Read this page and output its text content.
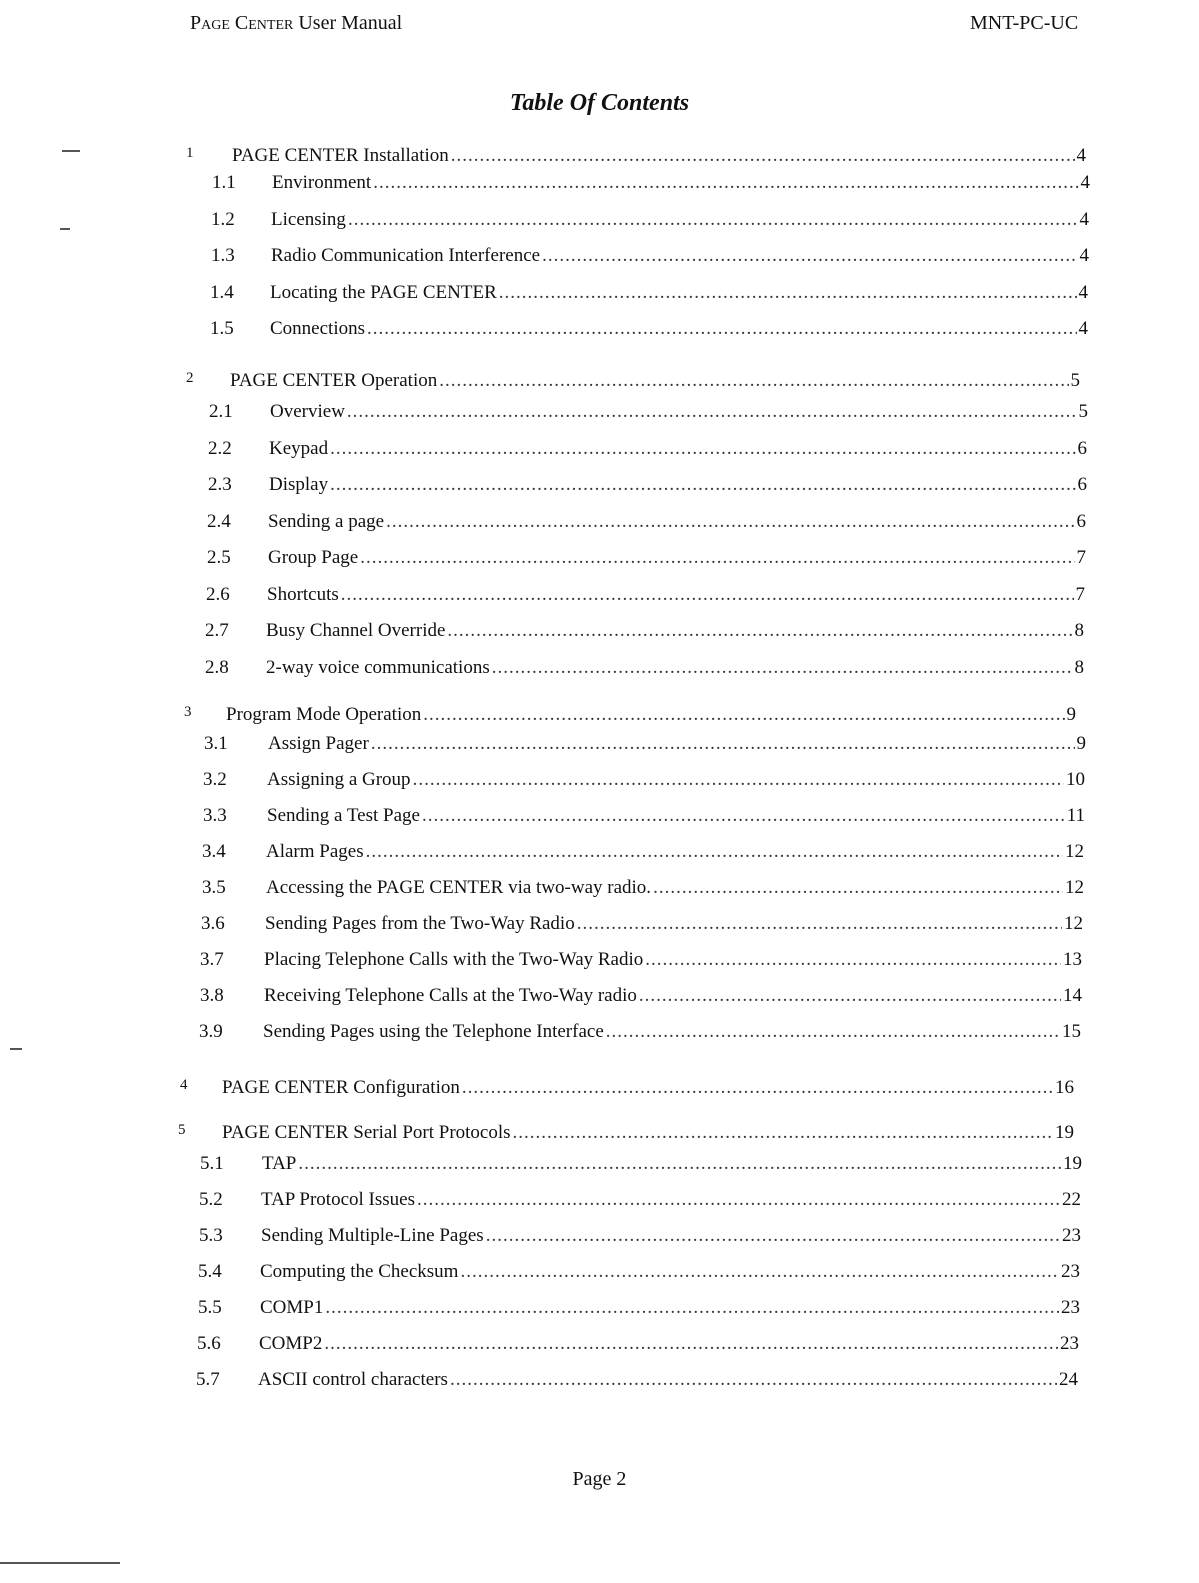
Page Center User Manual	MNT-PC-UC
Table Of Contents
1 PAGE CENTER Installation .....	4
1.1 Environment .....	4
1.2 Licensing .....	4
1.3 Radio Communication Interference .....	4
1.4 Locating the PAGE CENTER .....	4
1.5 Connections .....	4
2 PAGE CENTER Operation .....	5
2.1 Overview .....	5
2.2 Keypad .....	6
2.3 Display .....	6
2.4 Sending a page .....	6
2.5 Group Page .....	7
2.6 Shortcuts .....	7
2.7 Busy Channel Override .....	8
2.8 2-way voice communications .....	8
3 Program Mode Operation .....	9
3.1 Assign Pager .....	9
3.2 Assigning a Group .....	10
3.3 Sending a Test Page .....	11
3.4 Alarm Pages .....	12
3.5 Accessing the PAGE CENTER via two-way radio. .....	12
3.6 Sending Pages from the Two-Way Radio .....	12
3.7 Placing Telephone Calls with the Two-Way Radio .....	13
3.8 Receiving Telephone Calls at the Two-Way radio .....	14
3.9 Sending Pages using the Telephone Interface .....	15
4 PAGE CENTER Configuration .....	16
5 PAGE CENTER Serial Port Protocols .....	19
5.1 TAP .....	19
5.2 TAP Protocol Issues .....	22
5.3 Sending Multiple-Line Pages .....	23
5.4 Computing the Checksum .....	23
5.5 COMP1 .....	23
5.6 COMP2 .....	23
5.7 ASCII control characters .....	24
Page 2
